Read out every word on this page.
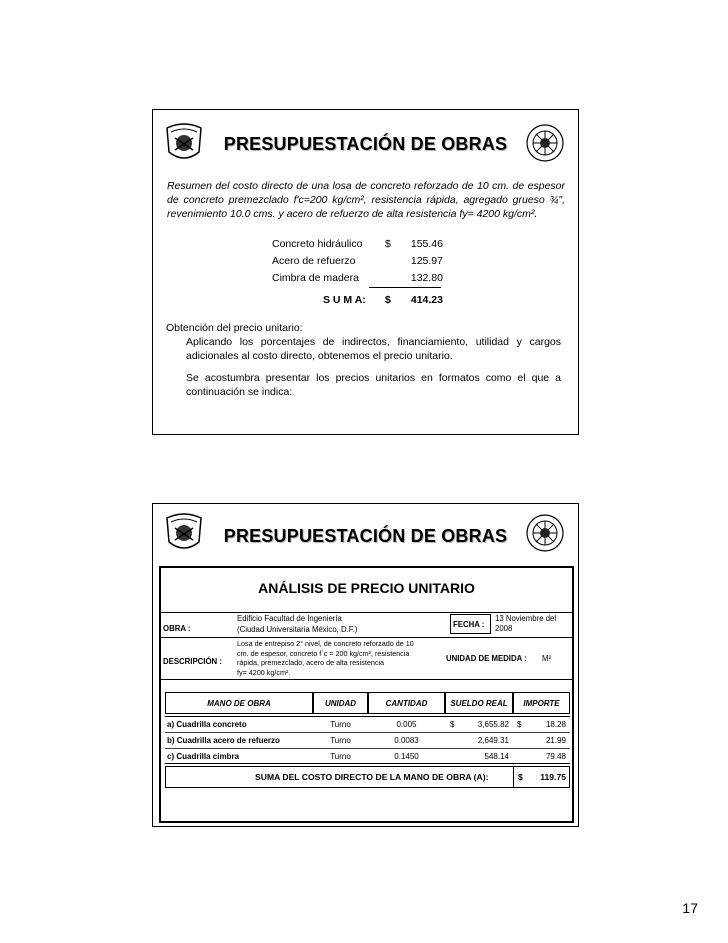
PRESUPUESTACIÓN DE OBRAS
Resumen del costo directo de una losa de concreto reforzado de 10 cm. de espesor de concreto premezclado f'c=200 kg/cm², resistencia rápida, agregado grueso ¾", revenimiento 10.0 cms. y acero de refuerzo de alta resistencia fy= 4200 kg/cm².
Concreto hidráulico $ 155.46
Acero de refuerzo	125.97
Cimbra de madera	132.80
S U M A: $ 414.23
Obtención del precio unitario:
Aplicando los porcentajes de indirectos, financiamiento, utilidad y cargos adicionales al costo directo, obtenemos el precio unitario.
Se acostumbra presentar los precios unitarios en formatos como el que a continuación se indica:
PRESUPUESTACIÓN DE OBRAS
ANÁLISIS DE PRECIO UNITARIO
OBRA :
Edificio Facultad de Ingeniería
(Ciudad Universitaria México, D.F.)
FECHA :
13 Noviembre del
2008
DESCRIPCIÓN :
Losa de entrepiso 2° nivel, de concreto reforzado de 10
cm. de espesor, concreto f´c = 200 kg/cm², resistencia
rápida, premezclado, acero de alta resistencia
fy= 4200 kg/cm².
UNIDAD DE MEDIDA : M²
MANO DE OBRA	UNIDAD	CANTIDAD	SUELDO REAL	IMPORTE
a) Cuadrilla concreto	Turno	0.005	$	3,655.82 $	18.28
b) Cuadrilla acero de refuerzo	Turno	0.0083	2,649.31	21.99
c) Cuadrilla cimbra	Turno	0.1450	548.14	79.48
SUMA DEL COSTO DIRECTO DE LA MANO DE OBRA (A):	$	119.75
17
